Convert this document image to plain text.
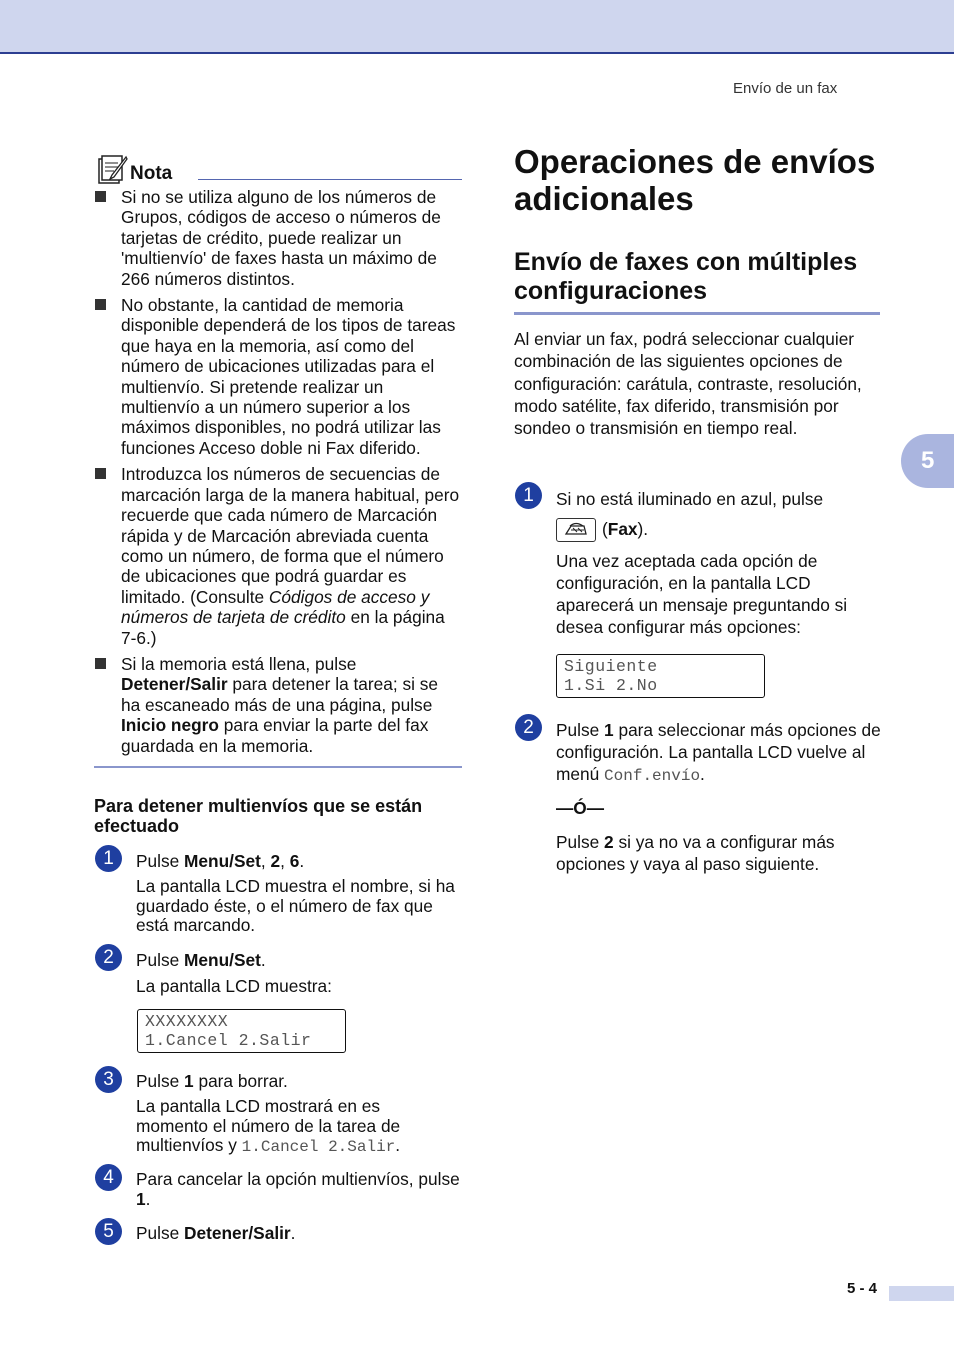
Envío de un fax
5
Nota
Si no se utiliza alguno de los números de Grupos, códigos de acceso o números de tarjetas de crédito, puede realizar un 'multienvío' de faxes hasta un máximo de 266 números distintos.
No obstante, la cantidad de memoria disponible dependerá de los tipos de tareas que haya en la memoria, así como del número de ubicaciones utilizadas para el multienvío. Si pretende realizar un multienvío a un número superior a los máximos disponibles, no podrá utilizar las funciones Acceso doble ni Fax diferido.
Introduzca los números de secuencias de marcación larga de la manera habitual, pero recuerde que cada número de Marcación rápida y de Marcación abreviada cuenta como un número, de forma que el número de ubicaciones que podrá guardar es limitado. (Consulte Códigos de acceso y números de tarjeta de crédito en la página 7-6.)
Si la memoria está llena, pulse Detener/Salir para detener la tarea; si se ha escaneado más de una página, pulse Inicio negro para enviar la parte del fax guardada en la memoria.
Para detener multienvíos que se están efectuado
1	Pulse Menu/Set, 2, 6.

La pantalla LCD muestra el nombre, si ha guardado éste, o el número de fax que está marcando.

2	Pulse Menu/Set.

La pantalla LCD muestra:

XXXXXXXX
1.Cancel 2.Salir
3	Pulse 1 para borrar.

La pantalla LCD mostrará en es momento el número de la tarea de multienvíos y 1.Cancel 2.Salir.

4	Para cancelar la opción multienvíos, pulse 1.

5	Pulse Detener/Salir.

Operaciones de envíos adicionales
Envío de faxes con múltiples configuraciones
Al enviar un fax, podrá seleccionar cualquier combinación de las siguientes opciones de configuración: carátula, contraste, resolución, modo satélite, fax diferido, transmisión por sondeo o transmisión en tiempo real.
1	Si no está iluminado en azul, pulse

(Fax).

Una vez aceptada cada opción de configuración, en la pantalla LCD aparecerá un mensaje preguntando si desea configurar más opciones:

Siguiente
1.Si 2.No
2	Pulse 1 para seleccionar más opciones de configuración. La pantalla LCD vuelve al menú Conf.envío.

—Ó—

Pulse 2 si ya no va a configurar más opciones y vaya al paso siguiente.

5 - 4
